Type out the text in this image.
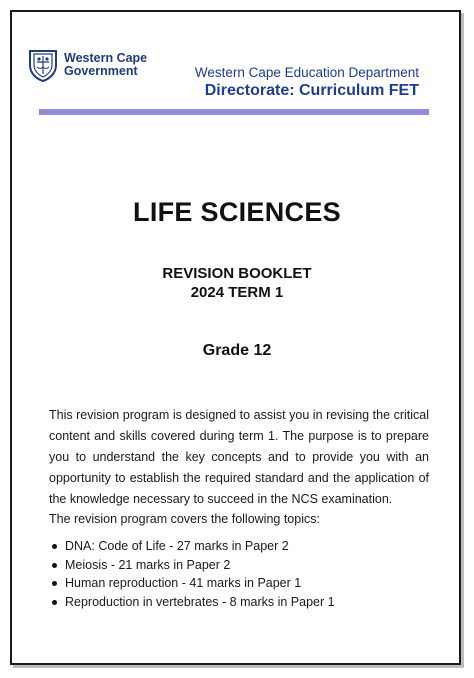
Western Cape
Government	Western Cape Education Department
Directorate: Curriculum FET
LIFE SCIENCES
REVISION BOOKLET
2024 TERM 1
Grade 12
This revision program is designed to assist you in revising the critical content and skills covered during term 1. The purpose is to prepare you to understand the key concepts and to provide you with an opportunity to establish the required standard and the application of the knowledge necessary to succeed in the NCS examination.
The revision program covers the following topics:
DNA: Code of Life - 27 marks in Paper 2
Meiosis - 21 marks in Paper 2
Human reproduction - 41 marks in Paper 1
Reproduction in vertebrates - 8 marks in Paper 1
